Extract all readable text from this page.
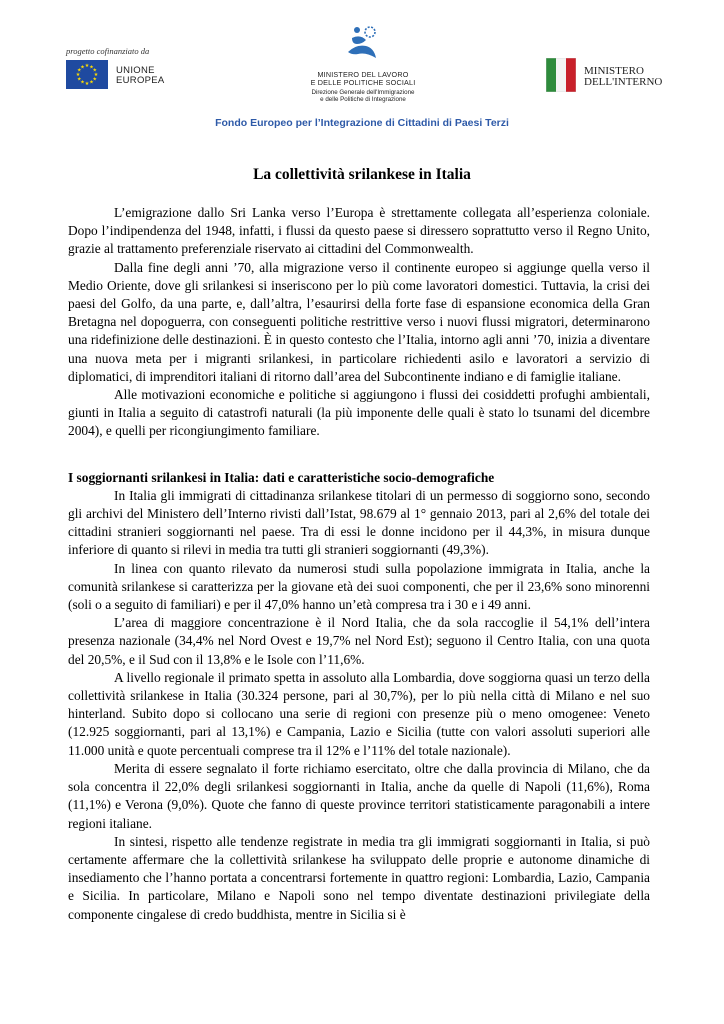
progetto cofinanziato da
★ ★
★
★
★
★
★
★
★
★
★
★	UNIONE
EUROPEA
MINISTERO DEL LAVORO
E DELLE POLITICHE SOCIALI
Direzione Generale dell'Immigrazione
e delle Politiche di Integrazione
MINISTERO
DELL'INTERNO
Fondo Europeo per l’Integrazione di Cittadini di Paesi Terzi
La collettività srilankese in Italia

L’emigrazione dallo Sri Lanka verso l’Europa è strettamente collegata all’esperienza coloniale. Dopo l’indipendenza del 1948, infatti, i flussi da questo paese si diressero soprattutto verso il Regno Unito, grazie al trattamento preferenziale riservato ai cittadini del Commonwealth.

Dalla fine degli anni ’70, alla migrazione verso il continente europeo si aggiunge quella verso il Medio Oriente, dove gli srilankesi si inseriscono per lo più come lavoratori domestici. Tuttavia, la crisi dei paesi del Golfo, da una parte, e, dall’altra, l’esaurirsi della forte fase di espansione economica della Gran Bretagna nel dopoguerra, con conseguenti politiche restrittive verso i nuovi flussi migratori, determinarono una ridefinizione delle destinazioni. È in questo contesto che l’Italia, intorno agli anni ’70, inizia a diventare una nuova meta per i migranti srilankesi, in particolare richiedenti asilo e lavoratori a servizio di diplomatici, di imprenditori italiani di ritorno dall’area del Subcontinente indiano e di famiglie italiane.

Alle motivazioni economiche e politiche si aggiungono i flussi dei cosiddetti profughi ambientali, giunti in Italia a seguito di catastrofi naturali (la più imponente delle quali è stato lo tsunami del dicembre 2004), e quelli per ricongiungimento familiare.

I soggiornanti srilankesi in Italia: dati e caratteristiche socio-demografiche

In Italia gli immigrati di cittadinanza srilankese titolari di un permesso di soggiorno sono, secondo gli archivi del Ministero dell’Interno rivisti dall’Istat, 98.679 al 1° gennaio 2013, pari al 2,6% del totale dei cittadini stranieri soggiornanti nel paese. Tra di essi le donne incidono per il 44,3%, in misura dunque inferiore di quanto si rilevi in media tra tutti gli stranieri soggiornanti (49,3%).

In linea con quanto rilevato da numerosi studi sulla popolazione immigrata in Italia, anche la comunità srilankese si caratterizza per la giovane età dei suoi componenti, che per il 23,6% sono minorenni (soli o a seguito di familiari) e per il 47,0% hanno un’età compresa tra i 30 e i 49 anni.

L’area di maggiore concentrazione è il Nord Italia, che da sola raccoglie il 54,1% dell’intera presenza nazionale (34,4% nel Nord Ovest e 19,7% nel Nord Est); seguono il Centro Italia, con una quota del 20,5%, e il Sud con il 13,8% e le Isole con l’11,6%.

A livello regionale il primato spetta in assoluto alla Lombardia, dove soggiorna quasi un terzo della collettività srilankese in Italia (30.324 persone, pari al 30,7%), per lo più nella città di Milano e nel suo hinterland. Subito dopo si collocano una serie di regioni con presenze più o meno omogenee: Veneto (12.925 soggiornanti, pari al 13,1%) e Campania, Lazio e Sicilia (tutte con valori assoluti superiori alle 11.000 unità e quote percentuali comprese tra il 12% e l’11% del totale nazionale).

Merita di essere segnalato il forte richiamo esercitato, oltre che dalla provincia di Milano, che da sola concentra il 22,0% degli srilankesi soggiornanti in Italia, anche da quelle di Napoli (11,6%), Roma (11,1%) e Verona (9,0%). Quote che fanno di queste province territori statisticamente paragonabili a intere regioni italiane.

In sintesi, rispetto alle tendenze registrate in media tra gli immigrati soggiornanti in Italia, si può certamente affermare che la collettività srilankese ha sviluppato delle proprie e autonome dinamiche di insediamento che l’hanno portata a concentrarsi fortemente in quattro regioni: Lombardia, Lazio, Campania e Sicilia. In particolare, Milano e Napoli sono nel tempo diventate destinazioni privilegiate della componente cingalese di credo buddhista, mentre in Sicilia si è
